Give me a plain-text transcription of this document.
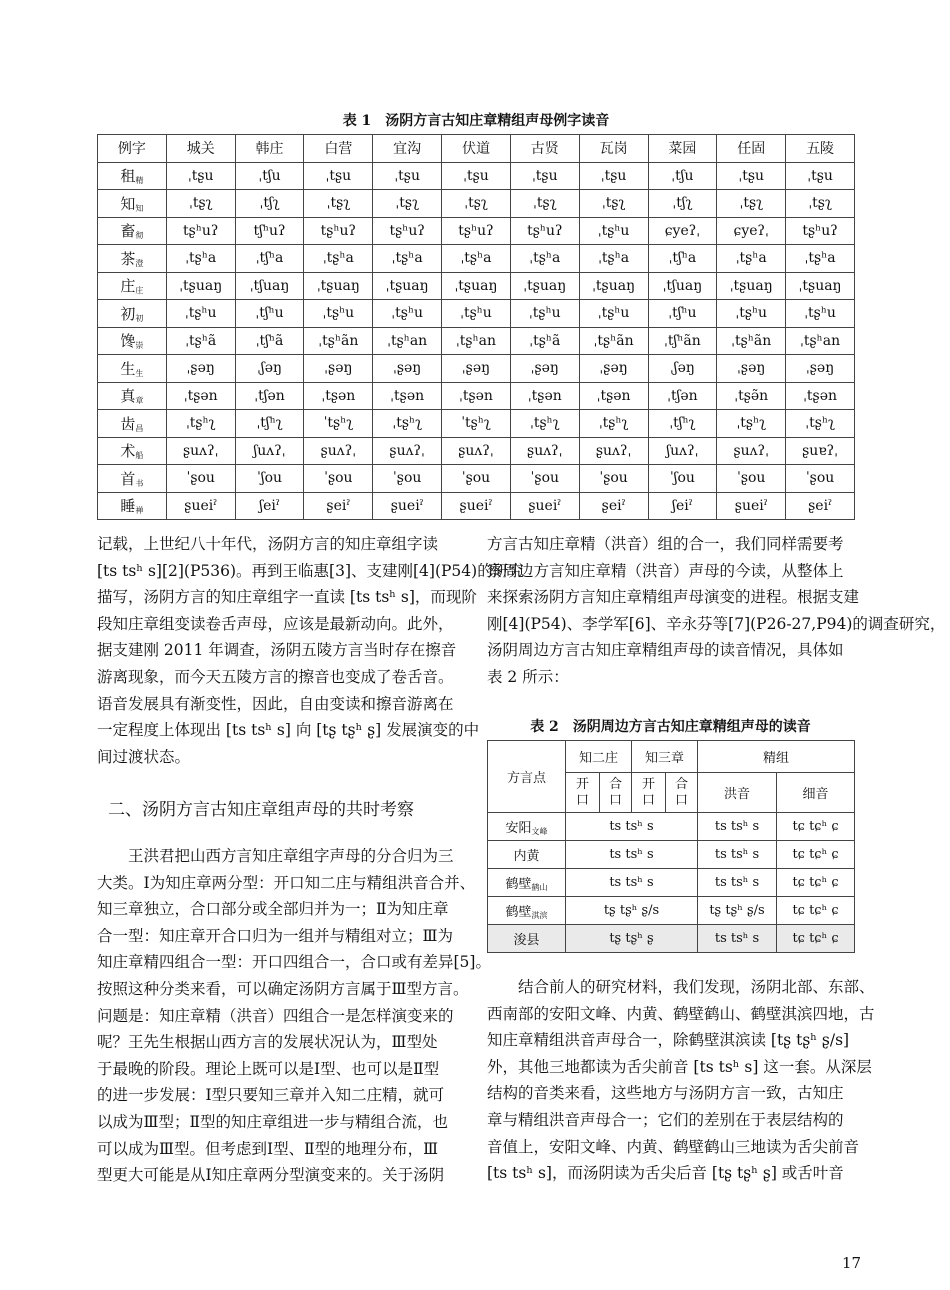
表 1　汤阴方言古知庄章精组声母例字读音
例字	城关	韩庄	白营	宜沟	伏道	古贤	瓦岗	菜园	任固	五陵
租$_精$	ˌtʂu	ˌtʃu	ˌtʂu	ˌtʂu	ˌtʂu	ˌtʂu	ˌtʂu	ˌtʃu	ˌtʂu	ˌtʂu
知$_知$	ˌtʂʅ	ˌtʃʅ	ˌtʂʅ	ˌtʂʅ	ˌtʂʅ	ˌtʂʅ	ˌtʂʅ	ˌtʃʅ	ˌtʂʅ	ˌtʂʅ
畜$_彻$	tʂʰuʔ	tʃʰuʔ	tʂʰuʔ	tʂʰuʔ	tʂʰuʔ	tʂʰuʔ	ˌtʂʰu	ɕyeʔˌ	ɕyeʔˌ	tʂʰuʔ
茶$_澄$	ˌtʂʰa	ˌtʃʰa	ˌtʂʰa	ˌtʂʰa	ˌtʂʰa	ˌtʂʰa	ˌtʂʰa	ˌtʃʰa	ˌtʂʰa	ˌtʂʰa
庄$_庄$	ˌtʂuaŋ	ˌtʃuaŋ	ˌtʂuaŋ	ˌtʂuaŋ	ˌtʂuaŋ	ˌtʂuaŋ	ˌtʂuaŋ	ˌtʃuaŋ	ˌtʂuaŋ	ˌtʂuaŋ
初$_初$	ˌtʂʰu	ˌtʃʰu	ˌtʂʰu	ˌtʂʰu	ˌtʂʰu	ˌtʂʰu	ˌtʂʰu	ˌtʃʰu	ˌtʂʰu	ˌtʂʰu
馋$_崇$	ˌtʂʰã	ˌtʃʰã	ˌtʂʰãn	ˌtʂʰan	ˌtʂʰan	ˌtʂʰã	ˌtʂʰãn	ˌtʃʰãn	ˌtʂʰãn	ˌtʂʰan
生$_生$	ˌʂəŋ	ˌʃəŋ	ˌʂəŋ	ˌʂəŋ	ˌʂəŋ	ˌʂəŋ	ˌʂəŋ	ˌʃəŋ	ˌʂəŋ	ˌʂəŋ
真$_章$	ˌtʂən	ˌtʃən	ˌtʂən	ˌtʂən	ˌtʂən	ˌtʂən	ˌtʂən	ˌtʃən	ˌtʂə̃n	ˌtʂən
齿$_昌$	ˌtʂʰʅ	ˌtʃʰʅ	ˈtʂʰʅ	ˌtʂʰʅ	ˈtʂʰʅ	ˌtʂʰʅ	ˌtʂʰʅ	ˌtʃʰʅ	ˌtʂʰʅ	ˌtʂʰʅ
术$_船$	ʂuʌʔˌ	ʃuʌʔˌ	ʂuʌʔˌ	ʂuʌʔˌ	ʂuʌʔˌ	ʂuʌʔˌ	ʂuʌʔˌ	ʃuʌʔˌ	ʂuʌʔˌ	ʂuɐʔˌ
首$_书$	ˈʂou	ˈʃou	ˈʂou	ˈʂou	ˈʂou	ˈʂou	ˈʂou	ˈʃou	ˈʂou	ˈʂou
睡$_禅$	ʂueiˀ	ʃeiˀ	ʂeiˀ	ʂueiˀ	ʂueiˀ	ʂueiˀ	ʂeiˀ	ʃeiˀ	ʂueiˀ	ʂeiˀ
记载，上世纪八十年代，汤阴方言的知庄章组字读
[ts tsʰ s][2](P536)。再到王临惠[3]、支建刚[4](P54)的研究
描写，汤阴方言的知庄章组字一直读 [ts tsʰ s]，而现阶
段知庄章组变读卷舌声母，应该是最新动向。此外，
据支建刚 2011 年调查，汤阴五陵方言当时存在擦音
游离现象，而今天五陵方言的擦音也变成了卷舌音。
语音发展具有渐变性，因此，自由变读和擦音游离在
一定程度上体现出 [ts tsʰ s] 向 [tʂ tʂʰ ʂ] 发展演变的中
间过渡状态。
二、汤阴方言古知庄章组声母的共时考察
王洪君把山西方言知庄章组字声母的分合归为三
大类。Ⅰ为知庄章两分型：开口知二庄与精组洪音合并、
知三章独立，合口部分或全部归并为一；Ⅱ为知庄章
合一型：知庄章开合口归为一组并与精组对立；Ⅲ为
知庄章精四组合一型：开口四组合一，合口或有差异[5]。
按照这种分类来看，可以确定汤阴方言属于Ⅲ型方言。
问题是：知庄章精（洪音）四组合一是怎样演变来的
呢？王先生根据山西方言的发展状况认为，Ⅲ型处
于最晚的阶段。理论上既可以是Ⅰ型、也可以是Ⅱ型
的进一步发展：Ⅰ型只要知三章并入知二庄精，就可
以成为Ⅲ型；Ⅱ型的知庄章组进一步与精组合流，也
可以成为Ⅲ型。但考虑到Ⅰ型、Ⅱ型的地理分布，Ⅲ
型更大可能是从Ⅰ知庄章两分型演变来的。关于汤阴
方言古知庄章精（洪音）组的合一，我们同样需要考
察周边方言知庄章精（洪音）声母的今读，从整体上
来探索汤阴方言知庄章精组声母演变的进程。根据支建
刚[4](P54)、李学军[6]、辛永芬等[7](P26-27,P94)的调查研究，
汤阴周边方言古知庄章精组声母的读音情况，具体如
表 2 所示：
表 2　汤阴周边方言古知庄章精组声母的读音
方言点	知二庄		知三章		精组	
	开口	合口	开口	合口	洪音	细音
安阳$_{文峰}$	ts tsʰ s				ts tsʰ s	tɕ tɕʰ ɕ
内黄	ts tsʰ s				ts tsʰ s	tɕ tɕʰ ɕ
鹤壁$_{鹤山}$	ts tsʰ s				ts tsʰ s	tɕ tɕʰ ɕ
鹤壁$_{淇滨}$	tʂ tʂʰ ʂ/s				tʂ tʂʰ ʂ/s	tɕ tɕʰ ɕ
浚县	tʂ tʂʰ ʂ				ts tsʰ s	tɕ tɕʰ ɕ
结合前人的研究材料，我们发现，汤阴北部、东部、
西南部的安阳文峰、内黄、鹤壁鹤山、鹤壁淇滨四地，古
知庄章精组洪音声母合一，除鹤壁淇滨读 [tʂ tʂʰ ʂ/s]
外，其他三地都读为舌尖前音 [ts tsʰ s] 这一套。从深层
结构的音类来看，这些地方与汤阴方言一致，古知庄
章与精组洪音声母合一；它们的差别在于表层结构的
音值上，安阳文峰、内黄、鹤壁鹤山三地读为舌尖前音
[ts tsʰ s]，而汤阴读为舌尖后音 [tʂ tʂʰ ʂ] 或舌叶音
17
